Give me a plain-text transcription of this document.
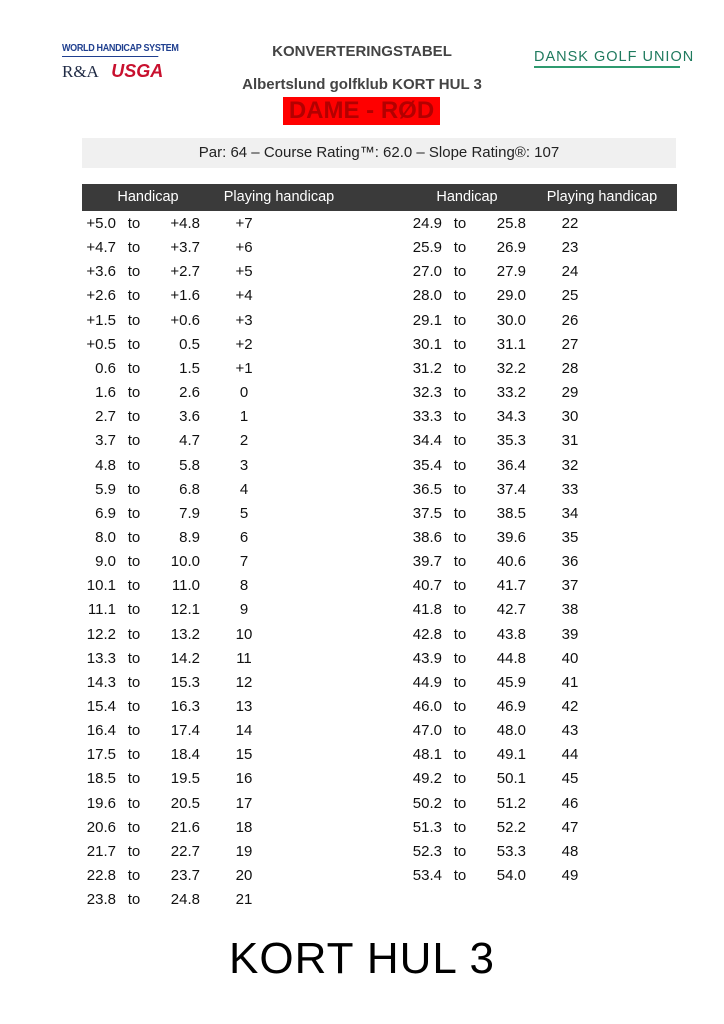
WORLD HANDICAP SYSTEM
R&A USGA
DANSK GOLF UNION
KONVERTERINGSTABEL
Albertslund golfklub KORT HUL 3
DAME - RØD
Par: 64 – Course Rating™: 62.0 – Slope Rating®: 107
Handicap	Playing handicap	Handicap	Playing handicap
+5.0 to	+4.8	+7
+4.7 to	+3.7	+6
+3.6 to	+2.7	+5
+2.6 to	+1.6	+4
+1.5 to	+0.6	+3
+0.5 to	0.5	+2
0.6 to	1.5	+1
1.6 to	2.6	0
2.7 to	3.6	1
3.7 to	4.7	2
4.8 to	5.8	3
5.9 to	6.8	4
6.9 to	7.9	5
8.0 to	8.9	6
9.0 to	10.0	7
10.1 to	11.0	8
11.1 to	12.1	9
12.2 to	13.2	10
13.3 to	14.2	11
14.3 to	15.3	12
15.4 to	16.3	13
16.4 to	17.4	14
17.5 to	18.4	15
18.5 to	19.5	16
19.6 to	20.5	17
20.6 to	21.6	18
21.7 to	22.7	19
22.8 to	23.7	20
23.8 to	24.8	21
24.9 to	25.8	22
25.9 to	26.9	23
27.0 to	27.9	24
28.0 to	29.0	25
29.1 to	30.0	26
30.1 to	31.1	27
31.2 to	32.2	28
32.3 to	33.2	29
33.3 to	34.3	30
34.4 to	35.3	31
35.4 to	36.4	32
36.5 to	37.4	33
37.5 to	38.5	34
38.6 to	39.6	35
39.7 to	40.6	36
40.7 to	41.7	37
41.8 to	42.7	38
42.8 to	43.8	39
43.9 to	44.8	40
44.9 to	45.9	41
46.0 to	46.9	42
47.0 to	48.0	43
48.1 to	49.1	44
49.2 to	50.1	45
50.2 to	51.2	46
51.3 to	52.2	47
52.3 to	53.3	48
53.4 to	54.0	49
KORT HUL 3
